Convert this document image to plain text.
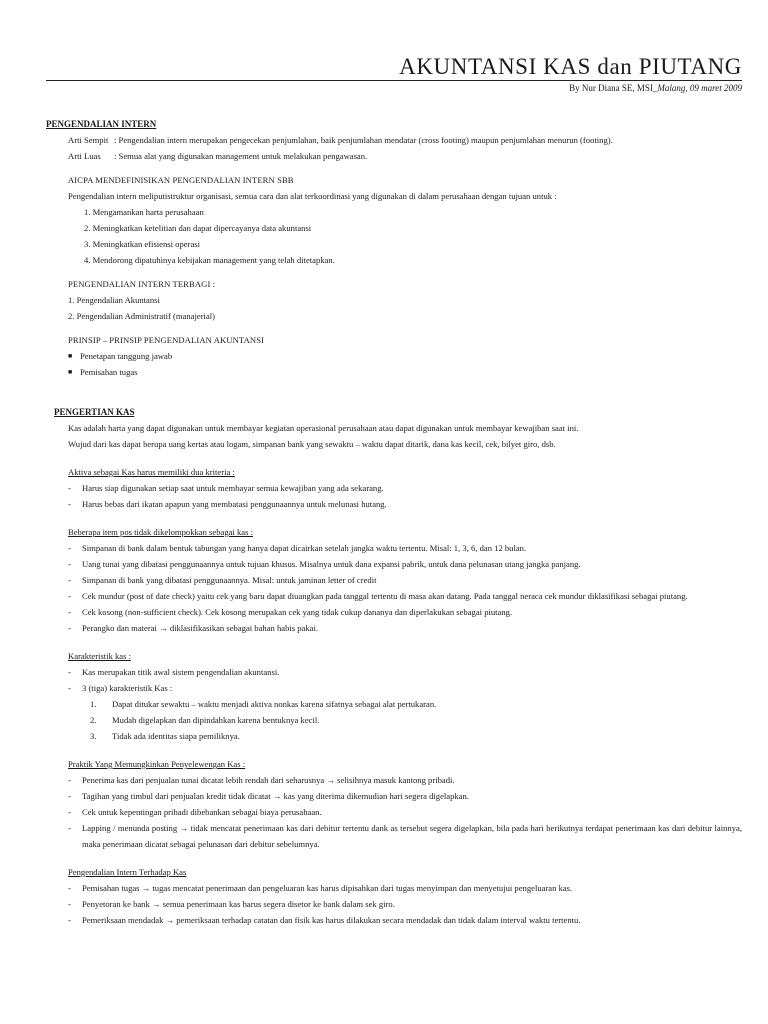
AKUNTANSI KAS dan PIUTANG
By Nur Diana SE, MSI_Malang, 09 maret 2009
PENGENDALIAN INTERN
Arti Sempit : Pengendalian intern merupakan pengecekan penjumlahan, baik penjumlahan mendatar (cross footing) maupun penjumlahan menurun (footing).
Arti Luas	: Semua alat yang digunakan management untuk melakukan pengawasan.
AICPA MENDEFINISIKAN PENGENDALIAN INTERN SBB
Pengendalian intern meliputistruktur organisasi, semua cara dan alat terkoordinasi yang digunakan di dalam perusahaan dengan tujuan untuk :
1. Mengamankan harta perusahaan
2. Meningkatkan ketelitian dan dapat dipercayanya data akuntansi
3. Meningkatkan efisiensi operasi
4. Mendorong dipatuhinya kebijakan management yang telah ditetapkan.
PENGENDALIAN INTERN TERBAGI :
1. Pengendalian Akuntansi
2. Pengendalian Administratif (manajerial)
PRINSIP – PRINSIP PENGENDALIAN AKUNTANSI
■ Penetapan tanggung jawab
■ Pemisahan tugas
PENGERTIAN KAS
Kas adalah harta yang dapat digunakan untuk membayar kegiatan operasional perusahaan atau dapat digunakan untuk membayar kewajiban saat ini.
Wujud dari kas dapat berupa uang kertas atau logam, simpanan bank yang sewaktu – waktu dapat ditarik, dana kas kecil, cek, bilyet giro, dsb.
Aktiva sebagai Kas harus memiliki dua kriteria :
-	Harus siap digunakan setiap saat untuk membayar semua kewajiban yang ada sekarang.
-	Harus bebas dari ikatan apapun yang membatasi penggunaannya untuk melunasi hutang.
Beberapa item pos tidak dikelompokkan sebagai kas :
-	Simpanan di bank dalam bentuk tabungan yang hanya dapat dicairkan setelah jangka waktu tertentu. Misal: 1, 3, 6, dan 12 bulan.
-	Uang tunai yang dibatasi penggunaannya untuk tujuan khusus. Misalnya untuk dana expansi pabrik, untuk dana pelunasan utang jangka panjang.
-	Simpanan di bank yang dibatasi penggunaannya. Misal: untuk jaminan letter of credit
-	Cek mundur (post of date check) yaitu cek yang baru dapat diuangkan pada tanggal tertentu di masa akan datang. Pada tanggal neraca cek mundur diklasifikasi sebagai piutang.
-	Cek kosong (non-sufficient check). Cek kosong merupakan cek yang tidak cukup dananya dan diperlakukan sebagai piutang.
-	Perangko dan materai → diklasifikasikan sebagai bahan habis pakai.
Karakteristik kas :
-	Kas merupakan titik awal sistem pengendalian akuntansi.
-	3 (tiga) karakteristik Kas :
1.	Dapat ditukar sewaktu – waktu menjadi aktiva nonkas karena sifatnya sebagai alat pertukaran.
2.	Mudah digelapkan dan dipindahkan karena bentuknya kecil.
3.	Tidak ada identitas siapa pemiliknya.
Praktik Yang Memungkinkan Penyelewengan Kas :
-	Penerima kas dari penjualan tunai dicatat lebih rendah dari seharusnya → selisihnya masuk kantong pribadi.
-	Tagihan yang timbul dari penjualan kredit tidak dicatat → kas yang diterima dikemudian hari segera digelapkan.
-	Cek untuk kepentingan pribadi dibebankan sebagai biaya perusahaan.
-	Lapping / menunda posting → tidak mencatat penerimaan kas dari debitur tertentu dank as tersebut segera digelapkan, bila pada hari berikutnya terdapat penerimaan kas dari debitur lainnya, maka penerimaan dicatat sebagai pelunasan dari debitur sebelumnya.
Pengendalian Intern Terhadap Kas
-	Pemisahan tugas → tugas mencatat penerimaan dan pengeluaran kas harus dipisahkan dari tugas menyimpan dan menyetujui pengeluaran kas.
-	Penyetoran ke bank → semua penerimaan kas harus segera disetor ke bank dalam sek giro.
-	Pemeriksaan mendadak → pemeriksaan terhadap catatan dan fisik kas harus dilakukan secara mendadak dan tidak dalam interval waktu tertentu.
